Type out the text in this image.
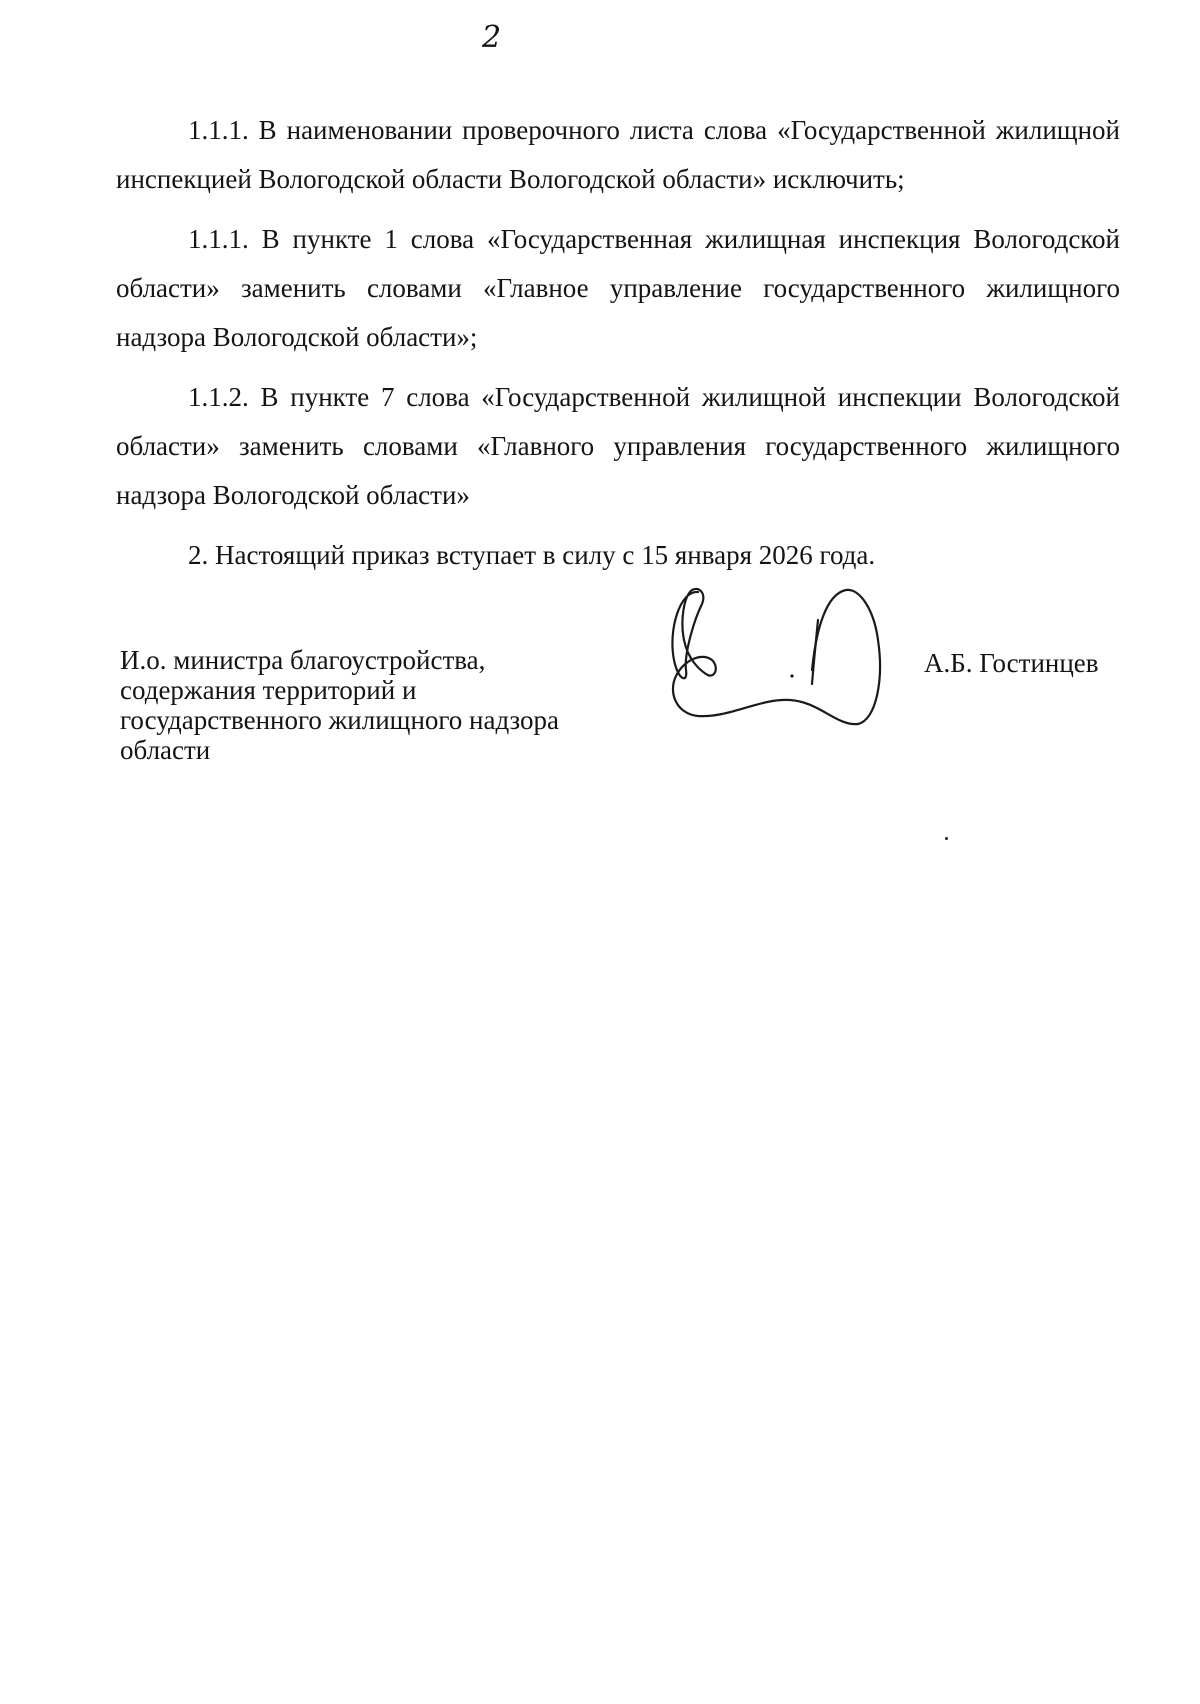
2

1.1.1. В наименовании проверочного листа слова «Государственной жилищной инспекцией Вологодской области Вологодской области» исключить;

1.1.1. В пункте 1 слова «Государственная жилищная инспекция Вологодской области» заменить словами «Главное управление государственного жилищного надзора Вологодской области»;

1.1.2. В пункте 7 слова «Государственной жилищной инспекции Вологодской области» заменить словами «Главного управления государственного жилищного надзора Вологодской области»

2. Настоящий приказ вступает в силу с 15 января 2026 года.

И.о. министра благоустройства,
содержания территорий и
государственного жилищного надзора
области
А.Б. Гостинцев
